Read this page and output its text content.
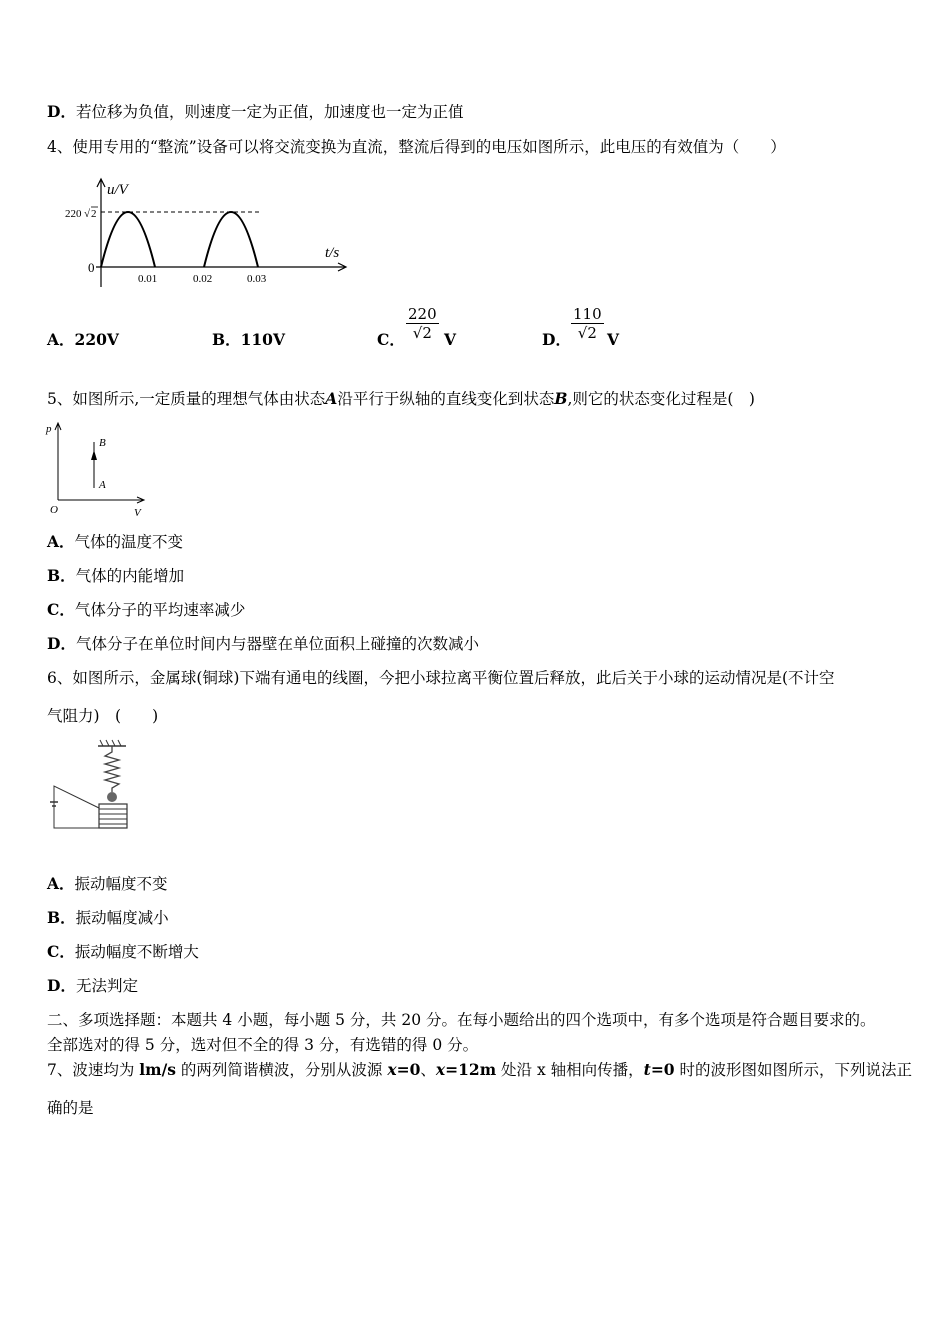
D．若位移为负值，则速度一定为正值，加速度也一定为正值
4、使用专用的“整流”设备可以将交流变换为直流，整流后得到的电压如图所示，此电压的有效值为（　　）
u/V
t/s
0
220 √ 2
0.01	0.02	0.03
A．220V	B．110V	C． $\frac{220}{√2}$ V	D． $\frac{110}{√2}$ V
5、如图所示,一定质量的理想气体由状态A沿平行于纵轴的直线变化到状态B,则它的状态变化过程是(　)
p
O	V
B
A
A．气体的温度不变
B．气体的内能增加
C．气体分子的平均速率减少
D．气体分子在单位时间内与器壁在单位面积上碰撞的次数减小
6、如图所示，金属球(铜球)下端有通电的线圈，今把小球拉离平衡位置后释放，此后关于小球的运动情况是(不计空
气阻力)　(　　)
A．振动幅度不变
B．振动幅度减小
C．振动幅度不断增大
D．无法判定
二、多项选择题：本题共 4 小题，每小题 5 分，共 20 分。在每小题给出的四个选项中，有多个选项是符合题目要求的。
全部选对的得 5 分，选对但不全的得 3 分，有选错的得 0 分。
7、波速均为 lm/s 的两列简谐横波，分别从波源 x=0、x=12m 处沿 x 轴相向传播，t=0 时的波形图如图所示，下列说法正
确的是
